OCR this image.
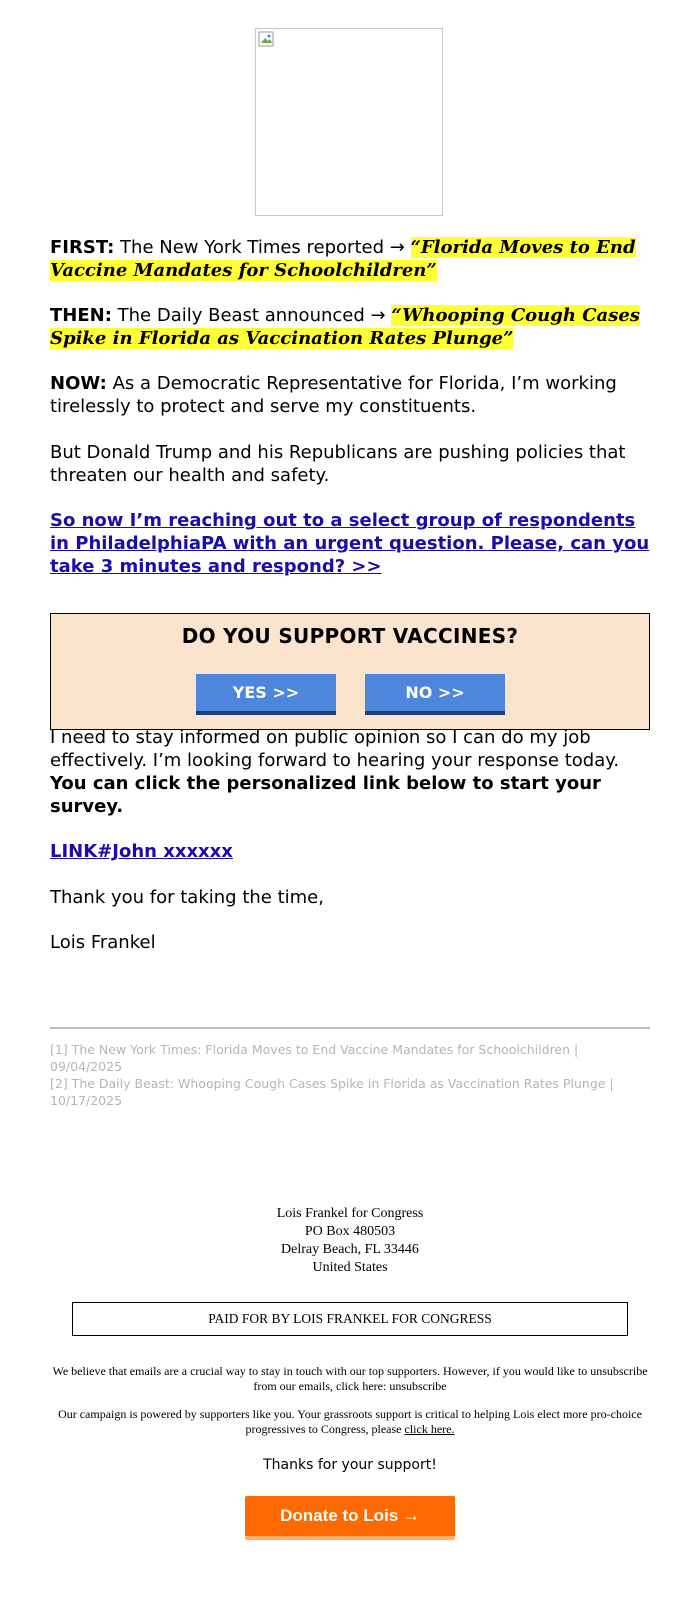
FIRST: The New York Times reported → “Florida Moves to End Vaccine Mandates for Schoolchildren”

THEN: The Daily Beast announced → “Whooping Cough Cases Spike in Florida as Vaccination Rates Plunge”

NOW: As a Democratic Representative for Florida, I’m working tirelessly to protect and serve my constituents.

But Donald Trump and his Republicans are pushing policies that threaten our health and safety.

So now I’m reaching out to a select group of respondents in PhiladelphiaPA with an urgent question. Please, can you take 3 minutes and respond? >>

DO YOU SUPPORT VACCINES?
YES >>	NO >>

I need to stay informed on public opinion so I can do my job effectively. I’m looking forward to hearing your response today. You can click the personalized link below to start your survey.

LINK#John xxxxxx

Thank you for taking the time,

Lois Frankel

[1] The New York Times: Florida Moves to End Vaccine Mandates for Schoolchildren | 09/04/2025
[2] The Daily Beast: Whooping Cough Cases Spike in Florida as Vaccination Rates Plunge | 10/17/2025
Lois Frankel for Congress
PO Box 480503
Delray Beach, FL 33446
United States
PAID FOR BY LOIS FRANKEL FOR CONGRESS
We believe that emails are a crucial way to stay in touch with our top supporters. However, if you would like to unsubscribe from our emails, click here: unsubscribe
Our campaign is powered by supporters like you. Your grassroots support is critical to helping Lois elect more pro-choice progressives to Congress, please click here.
Thanks for your support!
Donate to Lois →
